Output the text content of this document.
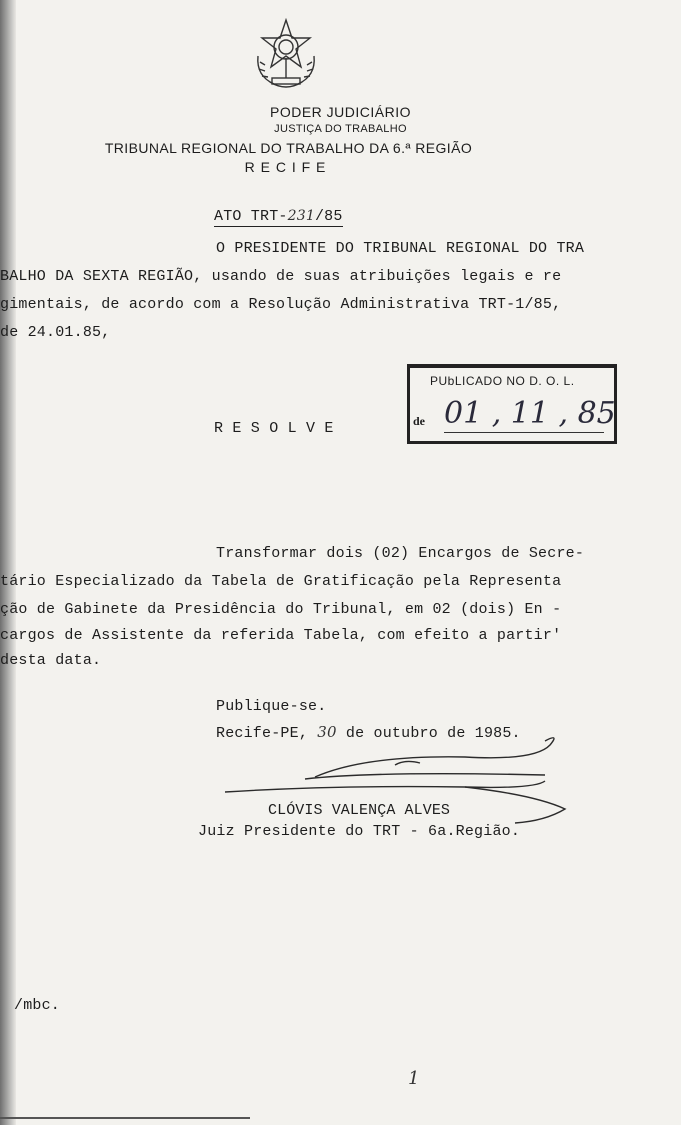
PODER JUDICIÁRIO
JUSTIÇA DO TRABALHO
TRIBUNAL REGIONAL DO TRABALHO DA 6.ª REGIÃO
R E C I F E
ATO TRT-231/85
O PRESIDENTE DO TRIBUNAL REGIONAL DO TRA
BALHO DA SEXTA REGIÃO, usando de suas atribuições legais e re
gimentais, de acordo com a Resolução Administrativa TRT-1/85,
de 24.01.85,
PUbLICADO NO D. O. L.
de 01 , 11 , 85
R E S O L V E
Transformar dois (02) Encargos de Secre-
tário Especializado da Tabela de Gratificação pela Representa
ção de Gabinete da Presidência do Tribunal, em 02 (dois) En -
cargos de Assistente da referida Tabela, com efeito a partir'
desta data.
Publique-se.
Recife-PE, 30 de outubro de 1985.
CLÓVIS VALENÇA ALVES
Juiz Presidente do TRT - 6a.Região.
/mbc.
1
